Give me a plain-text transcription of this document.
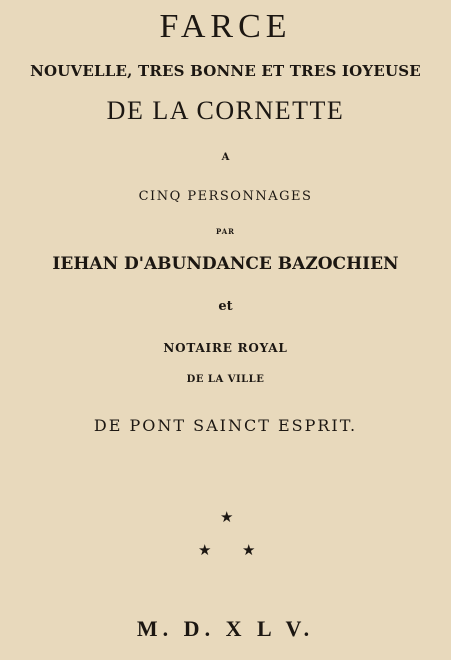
FARCE
NOUVELLE, TRES BONNE ET TRES IOYEUSE
DE LA CORNETTE
A
CINQ PERSONNAGES
PAR
IEHAN D'ABUNDANCE BAZOCHIEN
et
NOTAIRE ROYAL
DE LA VILLE
DE PONT SAINCT ESPRIT.
★
★ ★
M. D. X L V.
